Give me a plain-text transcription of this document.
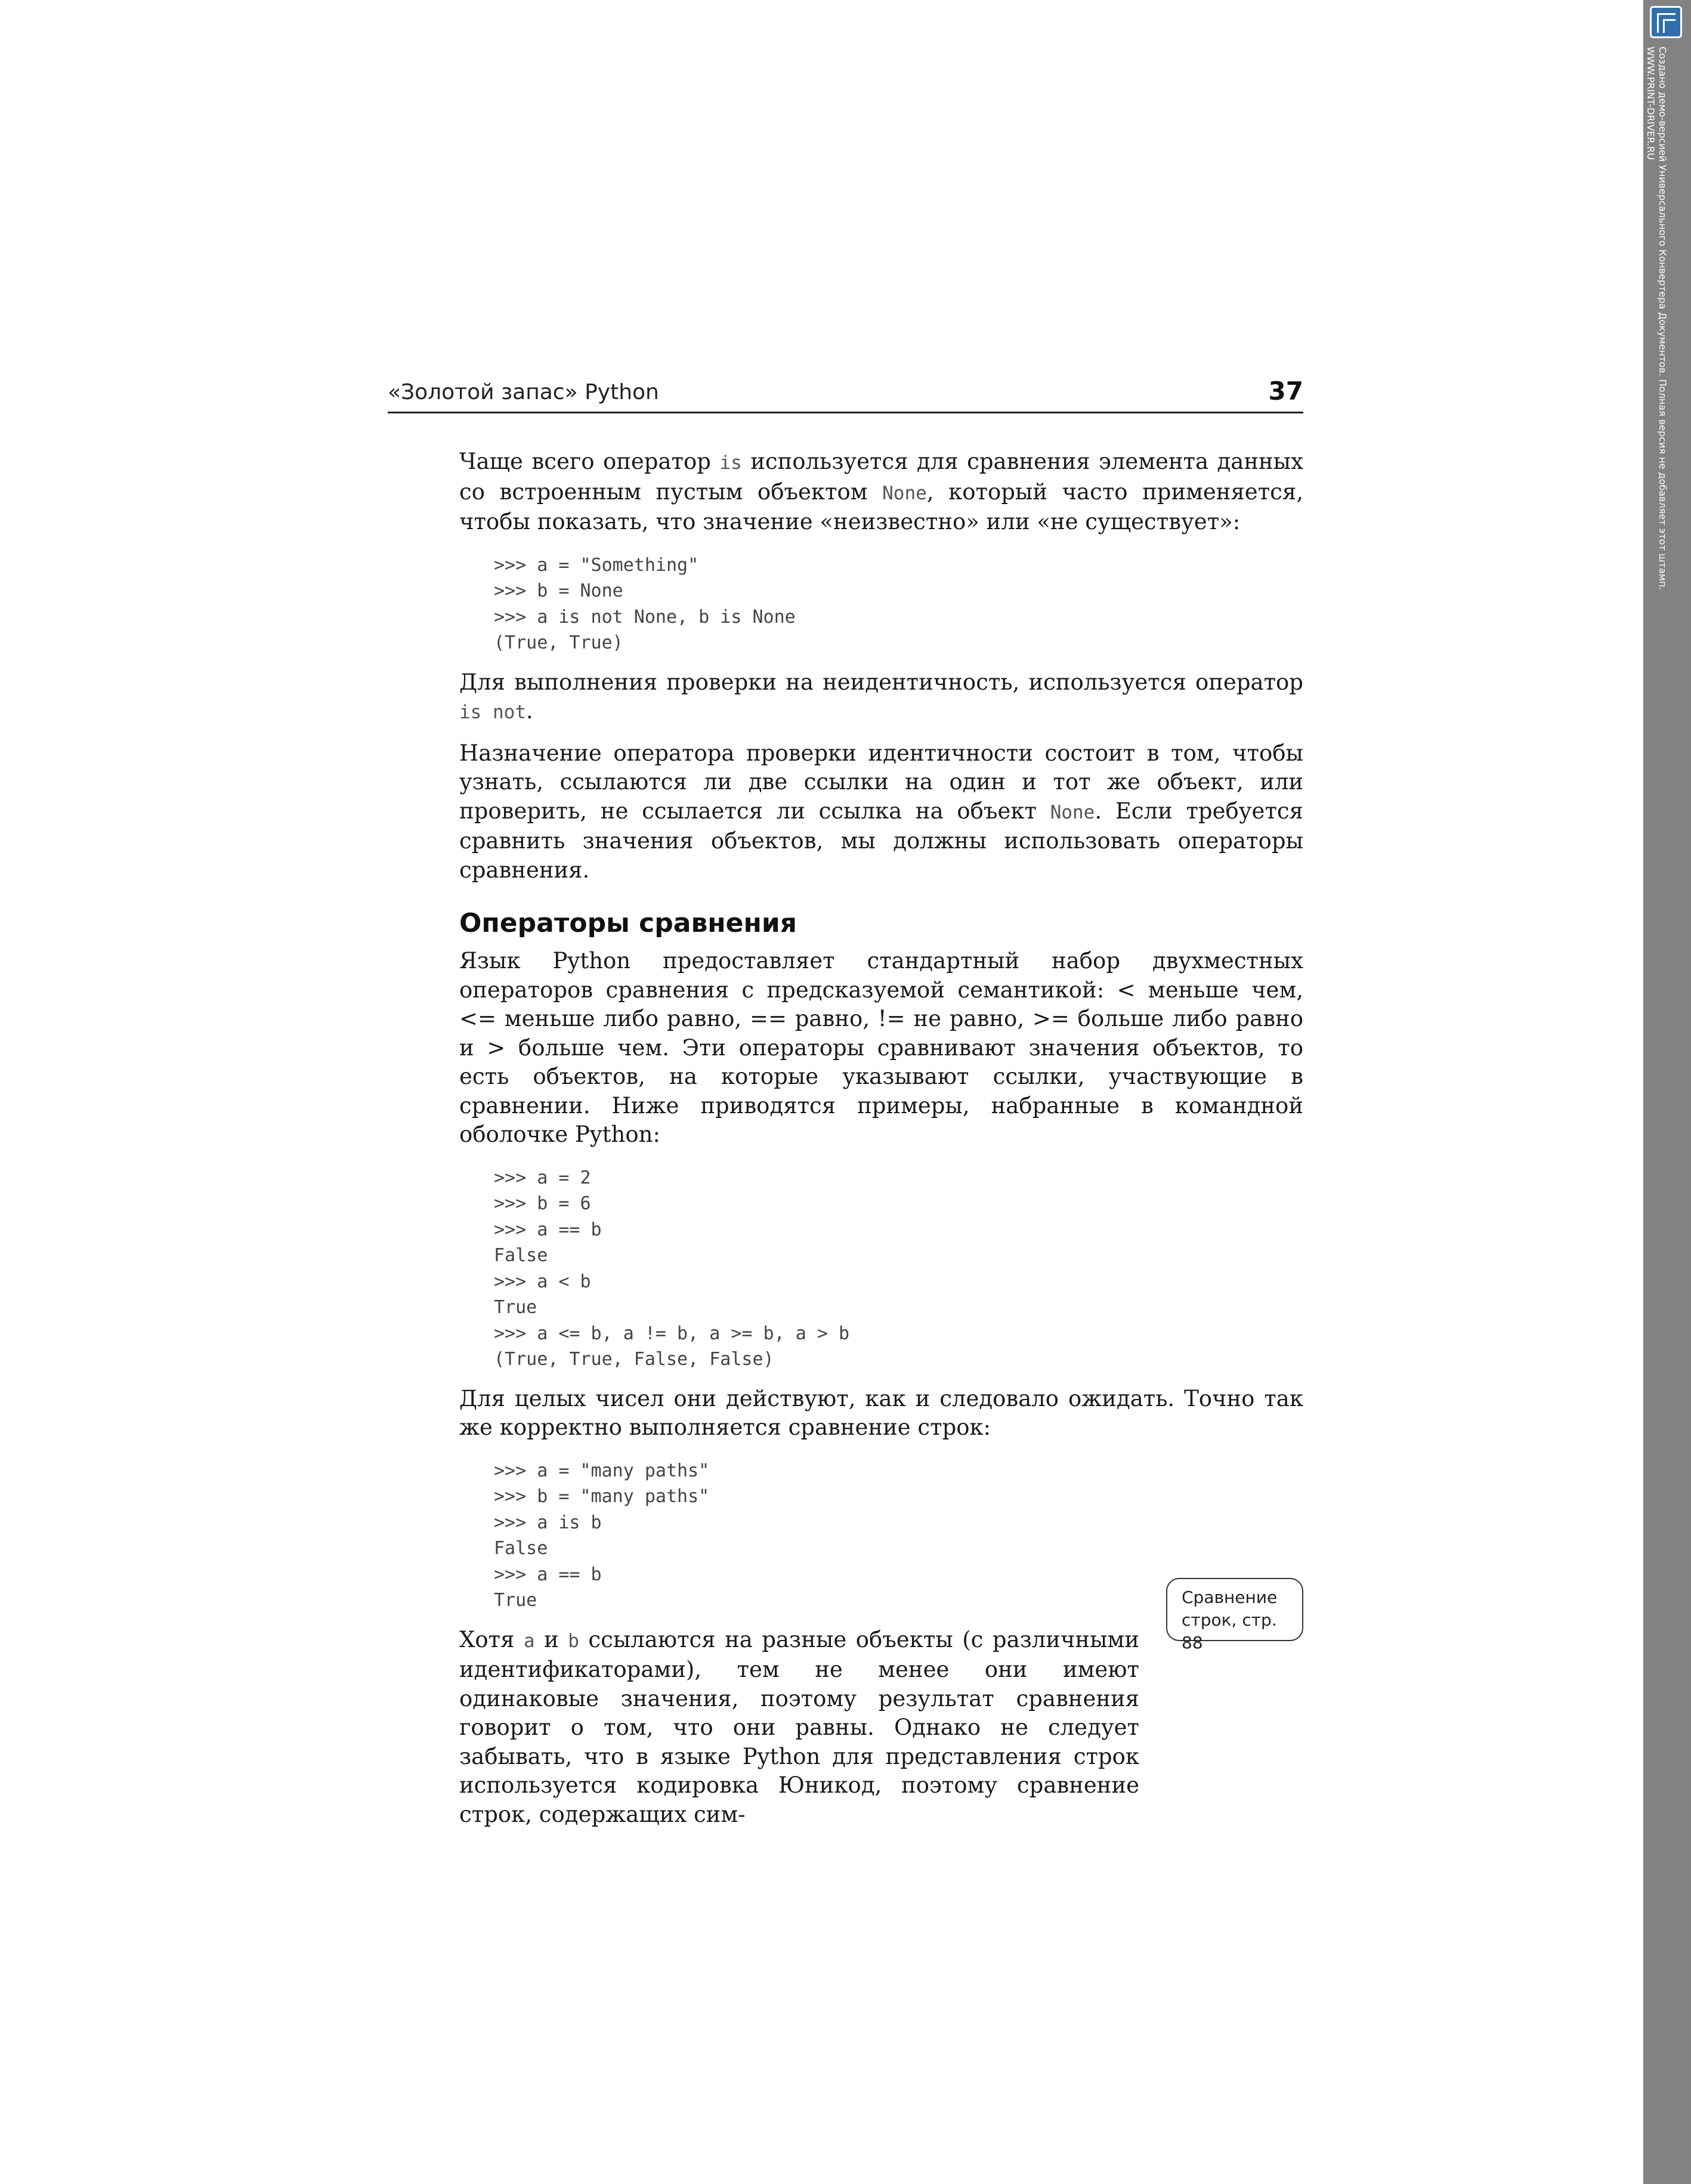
«Золотой запас» Python	37

Чаще всего оператор is используется для сравнения элемента данных со встроенным пустым объектом None, который часто применяется, чтобы показать, что значение «неизвестно» или «не существует»:

>>> a = "Something"
>>> b = None
>>> a is not None, b is None
(True, True)

Для выполнения проверки на неидентичность, используется оператор is not.

Назначение оператора проверки идентичности состоит в том, чтобы узнать, ссылаются ли две ссылки на один и тот же объект, или проверить, не ссылается ли ссылка на объект None. Если требуется сравнить значения объектов, мы должны использовать операторы сравнения.

Операторы сравнения

Язык Python предоставляет стандартный набор двухместных операторов сравнения с предсказуемой семантикой: < меньше чем, <= меньше либо равно, == равно, != не равно, >= больше либо равно и > больше чем. Эти операторы сравнивают значения объектов, то есть объектов, на которые указывают ссылки, участвующие в сравнении. Ниже приводятся примеры, набранные в командной оболочке Python:

>>> a = 2
>>> b = 6
>>> a == b
False
>>> a < b
True
>>> a <= b, a != b, a >= b, a > b
(True, True, False, False)

Для целых чисел они действуют, как и следовало ожидать. Точно так же корректно выполняется сравнение строк:

>>> a = "many paths"
>>> b = "many paths"
>>> a is b
False
>>> a == b
True

Хотя a и b ссылаются на разные объекты (с различными идентификаторами), тем не менее они имеют одинаковые значения, поэтому результат сравнения говорит о том, что они равны. Однако не следует забывать, что в языке Python для представления строк используется кодировка Юникод, поэтому сравнение строк, содержащих сим-

Сравнение
строк, стр. 88
Создано демо-версией Универсального Конвертера Документов. Полная версия не добавляет этот штамп.
WWW.PRINT-DRIVER.RU
